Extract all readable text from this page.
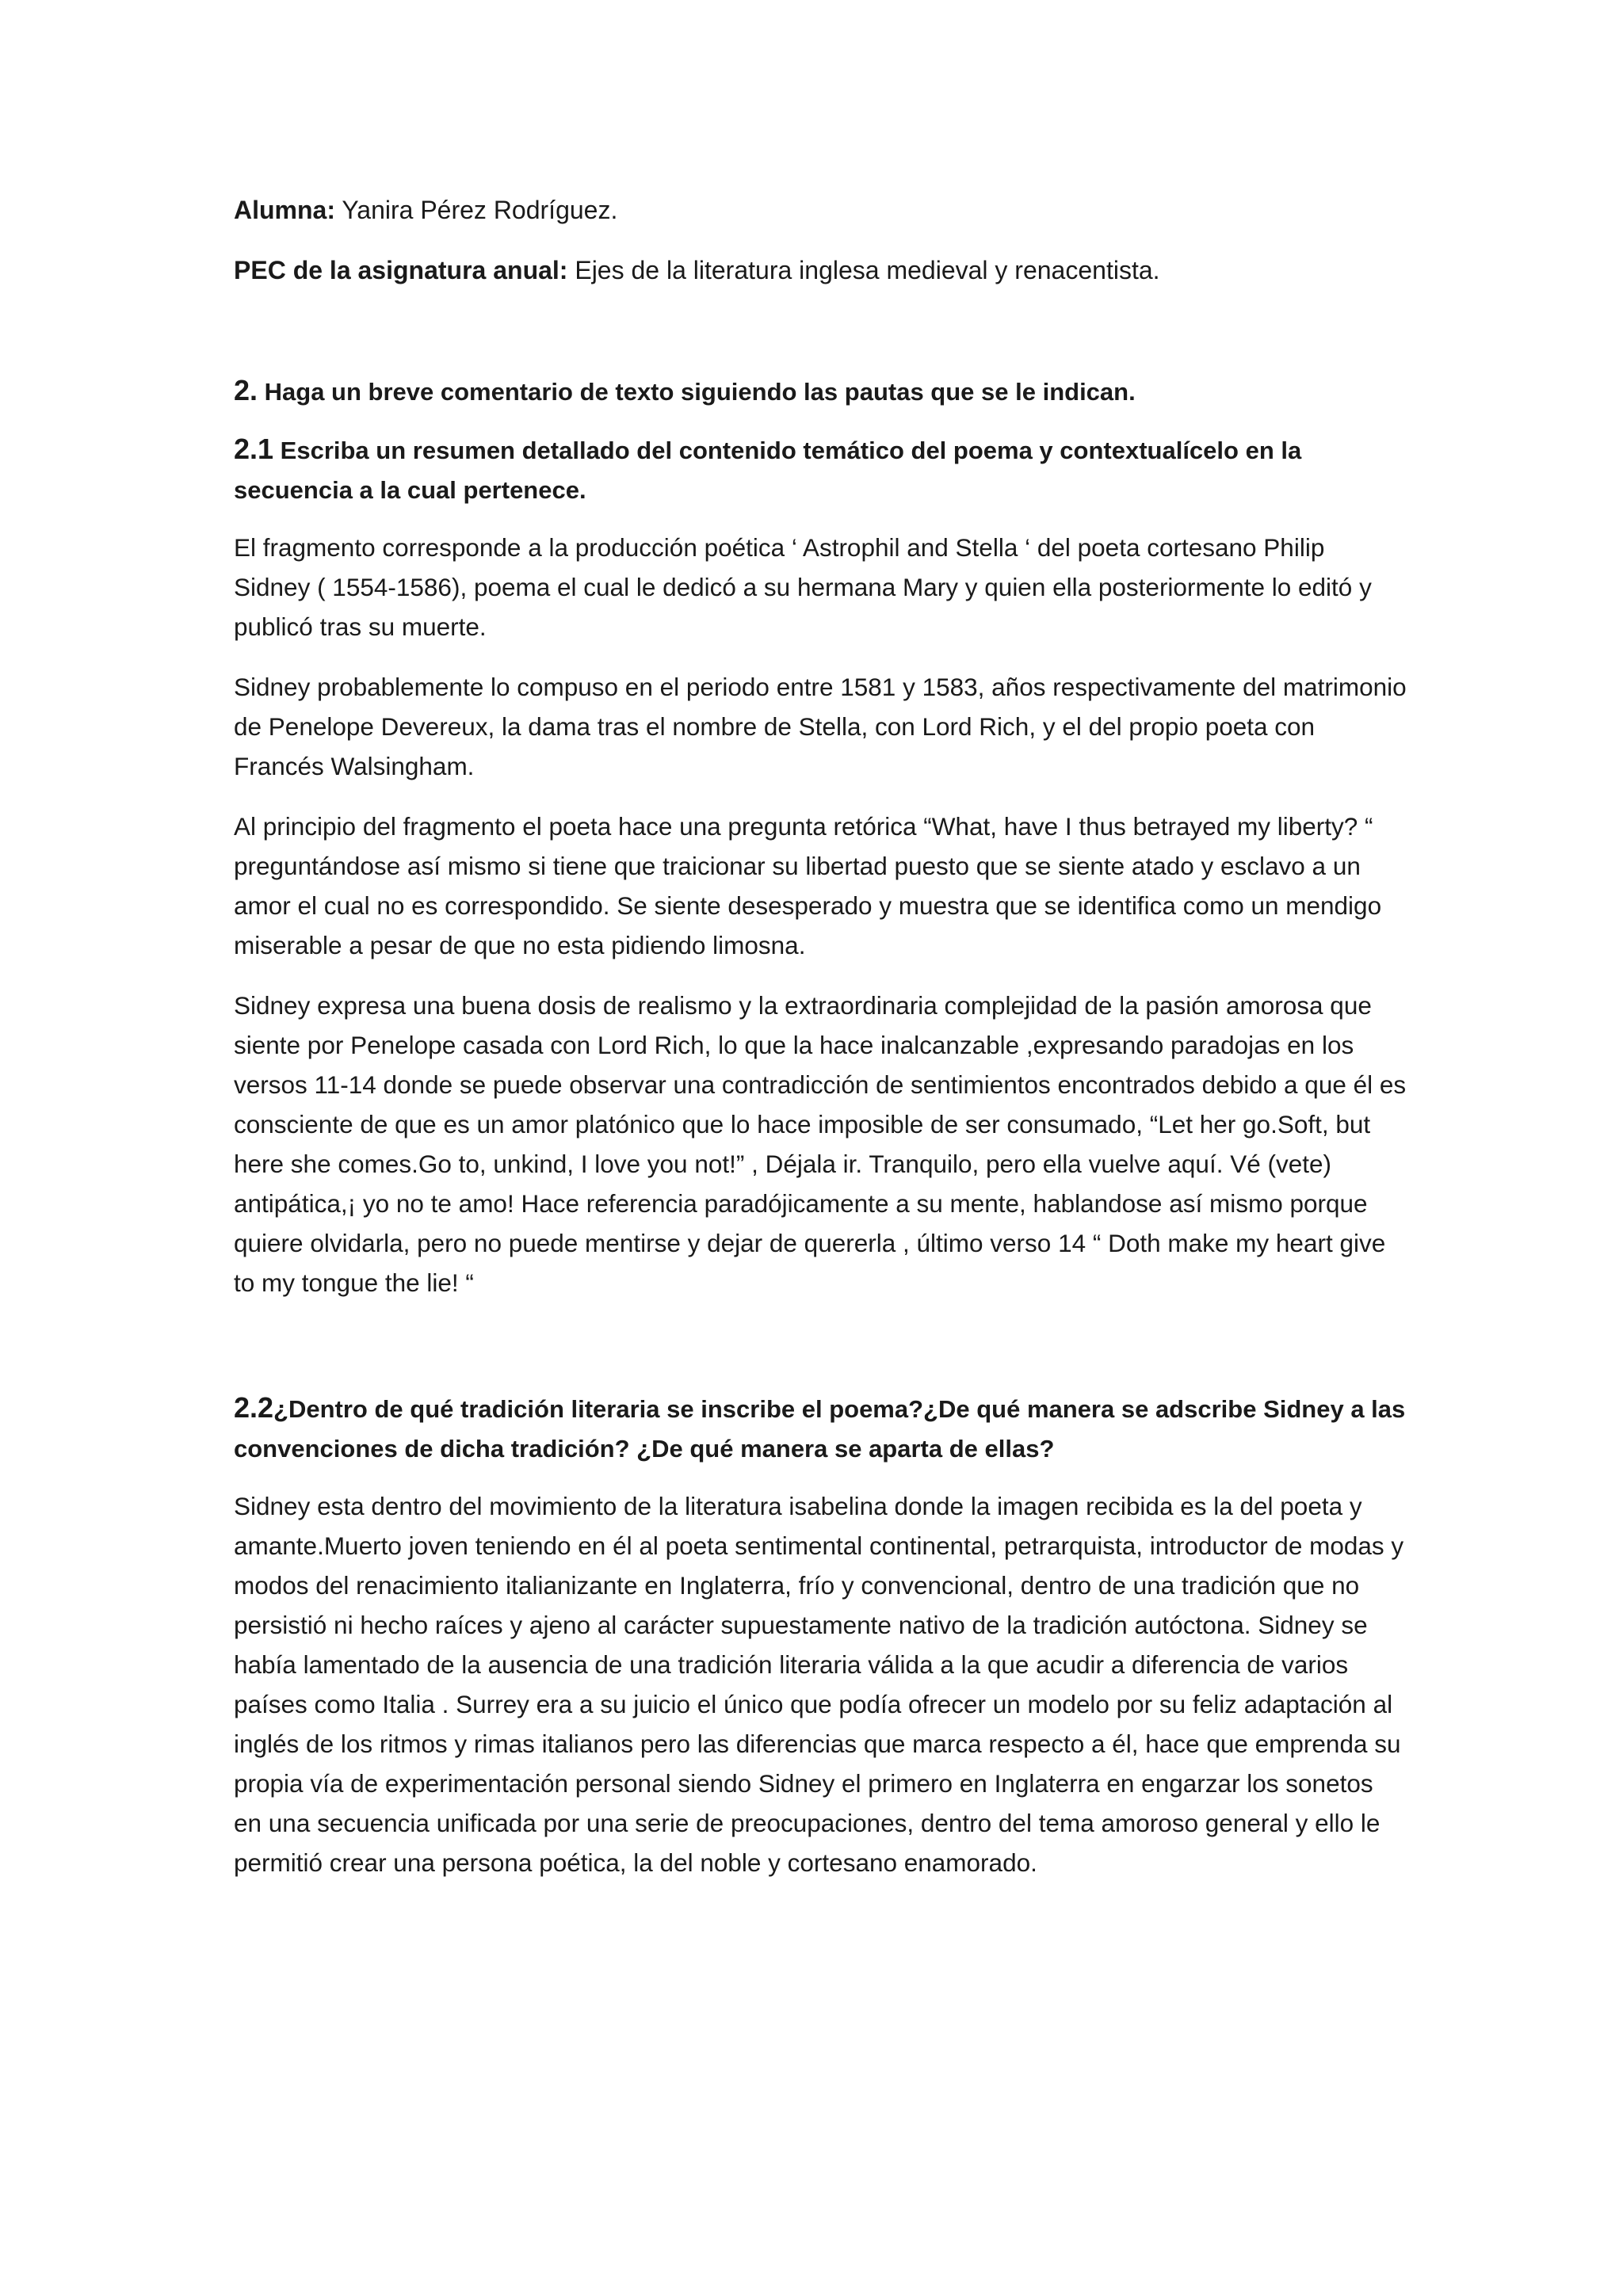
Alumna: Yanira Pérez Rodríguez.

PEC de la asignatura anual: Ejes de la literatura inglesa medieval y renacentista.

2. Haga un breve comentario de texto siguiendo las pautas que se le indican.

2.1 Escriba un resumen detallado del contenido temático del poema y contextualícelo en la secuencia a la cual pertenece.

El fragmento corresponde a la producción poética ‘ Astrophil and Stella ‘ del poeta cortesano Philip Sidney ( 1554-1586), poema el cual le dedicó a su hermana Mary y quien ella posteriormente lo editó y publicó tras su muerte.

Sidney probablemente lo compuso en el periodo entre 1581 y 1583, años respectivamente del matrimonio de Penelope Devereux, la dama tras el nombre de Stella, con Lord Rich, y el del propio poeta con Francés Walsingham.

Al principio del fragmento el poeta hace una pregunta retórica “What, have I thus betrayed my liberty? “ preguntándose así mismo si tiene que traicionar su libertad puesto que se siente atado y esclavo a un amor el cual no es correspondido. Se siente desesperado y muestra que se identifica como un mendigo miserable a pesar de que no esta pidiendo limosna.

Sidney expresa una buena dosis de realismo y la extraordinaria complejidad de la pasión amorosa que siente por Penelope casada con Lord Rich, lo que la hace inalcanzable ,expresando paradojas en los versos 11-14 donde se puede observar una contradicción de sentimientos encontrados debido a que él es consciente de que es un amor platónico que lo hace imposible de ser consumado, “Let her go.Soft, but here she comes.Go to, unkind, I love you not!” , Déjala ir. Tranquilo, pero ella vuelve aquí. Vé (vete) antipática,¡ yo no te amo! Hace referencia paradójicamente a su mente, hablandose así mismo porque quiere olvidarla, pero no puede mentirse y dejar de quererla , último verso 14 “ Doth make my heart give to my tongue the lie! “

2.2¿Dentro de qué tradición literaria se inscribe el poema?¿De qué manera se adscribe Sidney a las convenciones de dicha tradición? ¿De qué manera se aparta de ellas?

Sidney esta dentro del movimiento de la literatura isabelina donde la imagen recibida es la del poeta y amante.Muerto joven teniendo en él al poeta sentimental continental, petrarquista, introductor de modas y modos del renacimiento italianizante en Inglaterra, frío y convencional, dentro de una tradición que no persistió ni hecho raíces y ajeno al carácter supuestamente nativo de la tradición autóctona. Sidney se había lamentado de la ausencia de una tradición literaria válida a la que acudir a diferencia de varios países como Italia . Surrey era a su juicio el único que podía ofrecer un modelo por su feliz adaptación al inglés de los ritmos y rimas italianos pero las diferencias que marca respecto a él, hace que emprenda su propia vía de experimentación personal siendo Sidney el primero en Inglaterra en engarzar los sonetos en una secuencia unificada por una serie de preocupaciones, dentro del tema amoroso general y ello le permitió crear una persona poética, la del noble y cortesano enamorado.
